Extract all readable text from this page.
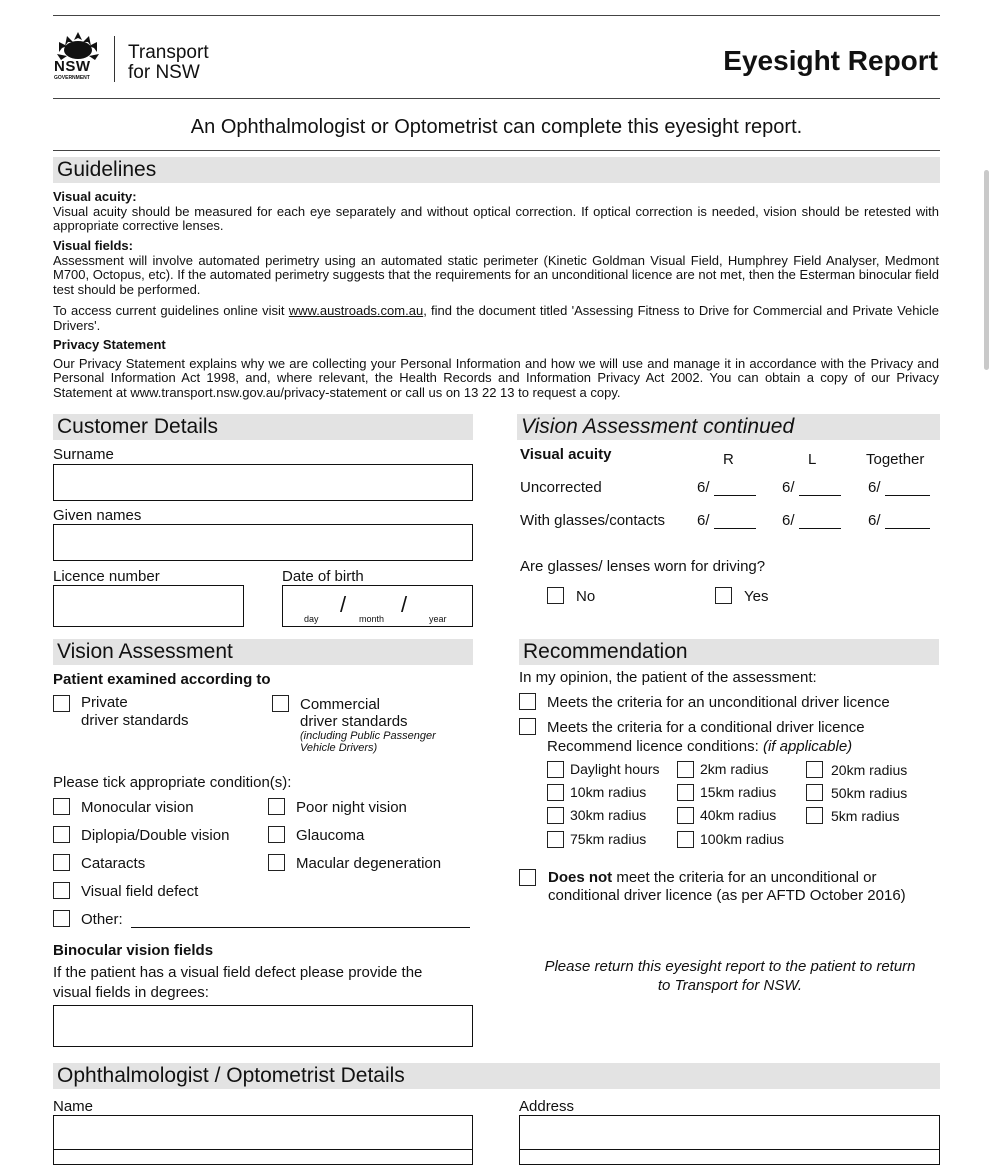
NSW
GOVERNMENT
Transport
for NSW	Eyesight Report
An Ophthalmologist or Optometrist can complete this eyesight report.
Guidelines
Visual acuity:
Visual acuity should be measured for each eye separately and without optical correction. If optical correction is needed, vision should be retested with appropriate corrective lenses.
Visual fields:
Assessment will involve automated perimetry using an automated static perimeter (Kinetic Goldman Visual Field, Humphrey Field Analyser, Medmont M700, Octopus, etc). If the automated perimetry suggests that the requirements for an unconditional licence are not met, then the Esterman binocular field test should be performed.
To access current guidelines online visit www.austroads.com.au, find the document titled 'Assessing Fitness to Drive for Commercial and Private Vehicle Drivers'.
Privacy Statement
Our Privacy Statement explains why we are collecting your Personal Information and how we will use and manage it in accordance with the Privacy and Personal Information Act 1998, and, where relevant, the Health Records and Information Privacy Act 2002. You can obtain a copy of our Privacy Statement at www.transport.nsw.gov.au/privacy-statement or call us on 13 22 13 to request a copy.
Customer Details
Surname
Given names
Licence number	Date of birth
/ /
day	month	year
Vision Assessment
Patient examined according to
Private
driver standards
Commercial
driver standards
(including Public Passenger
Vehicle Drivers)
Please tick appropriate condition(s):
Monocular vision
Diplopia/Double vision
Cataracts
Visual field defect
Other:
Poor night vision
Glaucoma
Macular degeneration
Binocular vision fields
If the patient has a visual field defect please provide the
visual fields in degrees:
Vision Assessment continued
Visual acuity	R	L	Together
Uncorrected	6/	6/	6/
With glasses/contacts 6/	6/	6/
Are glasses/ lenses worn for driving?
No	Yes
Recommendation
In my opinion, the patient of the assessment:
Meets the criteria for an unconditional driver licence
Meets the criteria for a conditional driver licence
Recommend licence conditions: (if applicable)
Daylight hours	2km radius	20km radius
10km radius	15km radius	50km radius
30km radius	40km radius	5km radius
75km radius	100km radius
Does not meet the criteria for an unconditional or
conditional driver licence (as per AFTD October 2016)
Please return this eyesight report to the patient to return
to Transport for NSW.
Ophthalmologist / Optometrist Details
Name	Address
